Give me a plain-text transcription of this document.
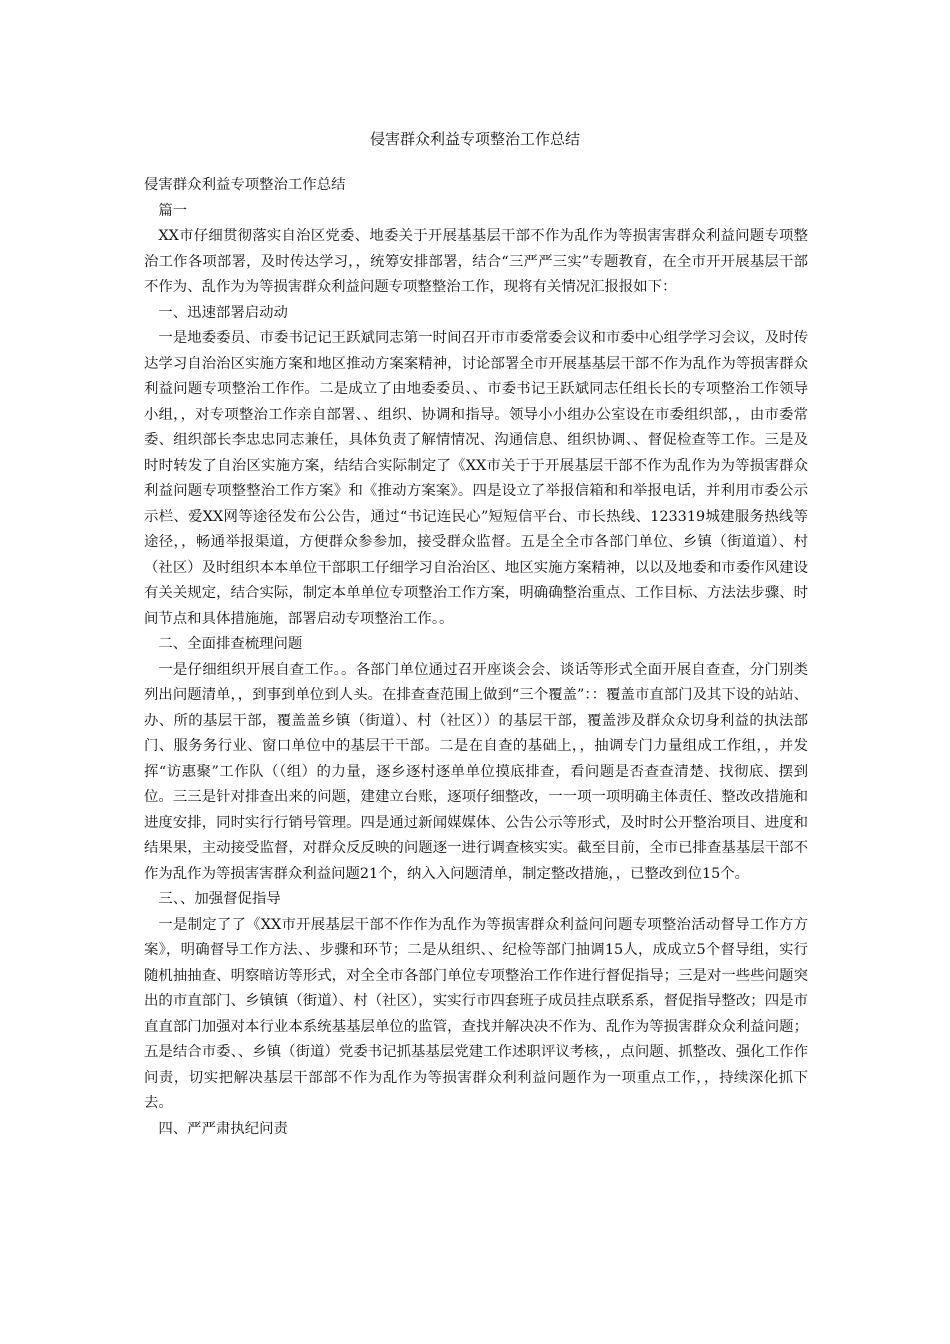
侵害群众利益专项整治工作总结

侵害群众利益专项整治工作总结

篇一

XX市仔细贯彻落实自治区党委、地委关于开展基基层干部不作为乱作为等损害害群众利益问题专项整治工作各项部署，及时传达学习，，统筹安排部署，结合“三严严三实”专题教育，在全市开开展基层干部不作为、乱作为为等损害群众利益问题专项整整治工作，现将有关情况汇报报如下：

一、迅速部署启动动

一是地委委员、市委书记记王跃斌同志第一时间召开市市委常委会议和市委中心组学学习会议，及时传达学习自治治区实施方案和地区推动方案案精神，讨论部署全市开展基基层干部不作为乱作为等损害群众利益问题专项整治工作作。二是成立了由地委委员、、市委书记王跃斌同志任组长长的专项整治工作领导小组，，对专项整治工作亲自部署、、组织、协调和指导。领导小小组办公室设在市委组织部，，由市委常委、组织部长李忠忠同志兼任，具体负责了解情情况、沟通信息、组织协调、、督促检查等工作。三是及时时转发了自治区实施方案，结结合实际制定了《XX市关于于开展基层干部不作为乱作为为等损害群众利益问题专项整整治工作方案》和《推动方案案》。四是设立了举报信箱和和举报电话，并利用市委公示示栏、爱XX网等途径发布公公告，通过“书记连民心”短短信平台、市长热线、123319城建服务热线等途径，，畅通举报渠道，方便群众参参加，接受群众监督。五是全全市各部门单位、乡镇（街道道）、村（社区）及时组织本本单位干部职工仔细学习自治治区、地区实施方案精神，以以及地委和市委作风建设有关关规定，结合实际，制定本单单位专项整治工作方案，明确确整治重点、工作目标、方法法步骤、时间节点和具体措施施，部署启动专项整治工作。。

二、全面排查梳理问题

一是仔细组织开展自查工作。。各部门单位通过召开座谈会会、谈话等形式全面开展自查查，分门别类列出问题清单，，到事到单位到人头。在排查查范围上做到“三个覆盖”：：覆盖市直部门及其下设的站站、办、所的基层干部，覆盖盖乡镇（街道）、村（社区））的基层干部，覆盖涉及群众众切身利益的执法部门、服务务行业、窗口单位中的基层干干部。二是在自查的基础上，，抽调专门力量组成工作组，，并发挥“访惠聚”工作队（（组）的力量，逐乡逐村逐单单位摸底排查，看问题是否查查清楚、找彻底、摆到位。三三是针对排查出来的问题，建建立台账，逐项仔细整改，一一项一项明确主体责任、整改改措施和进度安排，同时实行行销号管理。四是通过新闻媒媒体、公告公示等形式，及时时公开整治项目、进度和结果果，主动接受监督，对群众反反映的问题逐一进行调查核实实。截至目前，全市已排查基基层干部不作为乱作为等损害害群众利益问题21个，纳入入问题清单，制定整改措施，，已整改到位15个。

三、、加强督促指导

一是制定了了《XX市开展基层干部不作作为乱作为等损害群众利益问问题专项整治活动督导工作方方案》，明确督导工作方法、、步骤和环节；二是从组织、、纪检等部门抽调15人，成成立5个督导组，实行随机抽抽查、明察暗访等形式，对全全市各部门单位专项整治工作作进行督促指导；三是对一些些问题突出的市直部门、乡镇镇（街道）、村（社区），实实行市四套班子成员挂点联系系，督促指导整改；四是市直直部门加强对本行业本系统基基层单位的监管，查找并解决决不作为、乱作为等损害群众众利益问题；五是结合市委、、乡镇（街道）党委书记抓基基层党建工作述职评议考核，，点问题、抓整改、强化工作作问责，切实把解决基层干部部不作为乱作为等损害群众利利益问题作为一项重点工作，，持续深化抓下去。

四、严严肃执纪问责
